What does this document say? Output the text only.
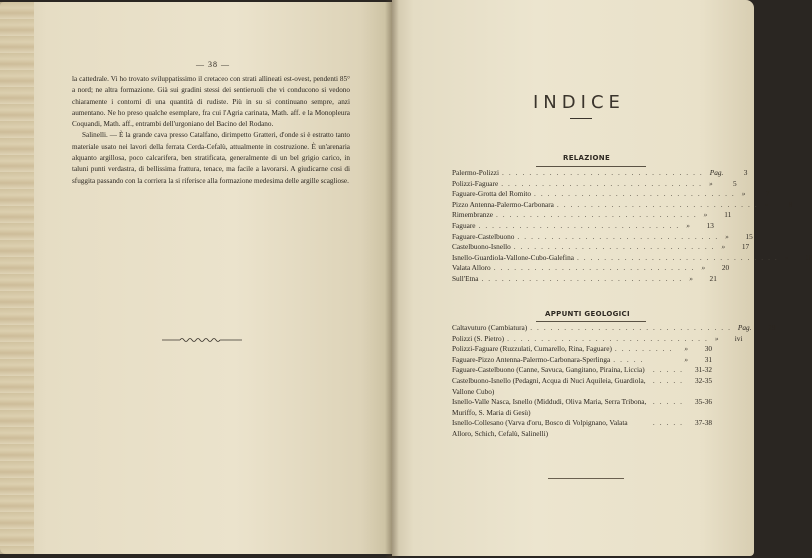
— 38 —

la cattedrale. Vi ho trovato sviluppatissimo il cretaceo con strati allineati est-ovest, pendenti 85° a nord; ne altra formazione. Già sui gradini stessi dei sentieruoli che vi conducono si vedono chiaramente i contorni di una quantità di rudiste. Più in su si continuano sempre, anzi aumentano. Ne ho preso qualche esemplare, fra cui l'Agria carinata, Math. aff. e la Monopleura Coquandi, Math. aff., entrambi dell'urgoniano del Bacino del Rodano.

Salinelli. — È la grande cava presso Catalfano, dirimpetto Gratteri, d'onde si è estratto tanto materiale usato nei lavori della ferrata Cerda-Cefalù, attualmente in costruzione. È un'arenaria alquanto argillosa, poco calcarifera, ben stratificata, generalmente di un bel grigio carico, in taluni punti verdastra, di bellissima frattura, tenace, ma facile a lavorarsi. A giudicarne cosi di sfuggita passando con la corriera la si riferisce alla formazione medesima delle argille scagliose.

INDICE
RELAZIONE
Palermo-Polizzi .............................. Pag.	3
Polizzi-Faguare .............................. »	5
Faguare-Grotta del Romito .............................. »	7
Pizzo Antenna-Palermo-Carbonara .............................. »	8
Rimembranze .............................. »	11
Faguare .............................. »	13
Faguare-Castelbuono .............................. »	15
Castelbuono-Isnello .............................. »	17
Isnello-Guardiola-Vallone-Cubo-Galefina .............................. »	18
Valata Alloro .............................. »	20
Sull'Etna .............................. »	21
APPUNTI GEOLOGICI
Caltavuturo (Cambiatura) .............................. Pag.	29
Polizzi (S. Pietro) .............................. »	ivi
Polizzi-Faguare (Ruzzulati, Cumarello, Rina, Faguare) .........	»	30
Faguare-Pizzo Antenna-Palermo-Carbonara-Sperlinga .....	»	31
Faguare-Castelbuono (Canne, Savuca, Gangitano, Piraina, Liccia)	.....	31-32
Castelbuono-Isnello (Pedagni, Acqua di Nuci Aquileia, Guardiola, Vallone Cubo)
.....	32-35
Isnello-Valle Nasca, Isnello (Middudi, Oliva Maria, Serra Tribona, Muriffo, S. Maria di Gesù)
.....	35-36
Isnello-Collesano (Varva d'oru, Bosco di Volpignano, Valata Alloro, Schich, Cefalù, Salinelli)
.....	37-38
